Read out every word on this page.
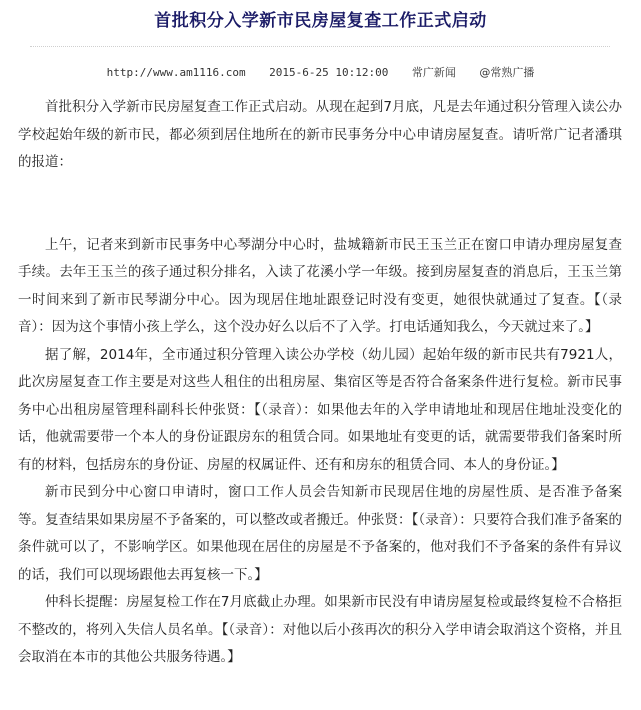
首批积分入学新市民房屋复查工作正式启动
http://www.am1116.com 2015-6-25 10:12:00 常广新闻 @常熟广播

首批积分入学新市民房屋复查工作正式启动。从现在起到7月底，凡是去年通过积分管理入读公办学校起始年级的新市民，都必须到居住地所在的新市民事务分中心申请房屋复查。请听常广记者潘琪的报道：

上午，记者来到新市民事务中心琴湖分中心时，盐城籍新市民王玉兰正在窗口申请办理房屋复查手续。去年王玉兰的孩子通过积分排名，入读了花溪小学一年级。接到房屋复查的消息后，王玉兰第一时间来到了新市民琴湖分中心。因为现居住地址跟登记时没有变更，她很快就通过了复查。【（录音）：因为这个事情小孩上学么，这个没办好么以后不了入学。打电话通知我么，今天就过来了。】

据了解，2014年，全市通过积分管理入读公办学校（幼儿园）起始年级的新市民共有7921人，此次房屋复查工作主要是对这些人租住的出租房屋、集宿区等是否符合备案条件进行复检。新市民事务中心出租房屋管理科副科长仲张贤：【（录音）：如果他去年的入学申请地址和现居住地址没变化的话，他就需要带一个本人的身份证跟房东的租赁合同。如果地址有变更的话，就需要带我们备案时所有的材料，包括房东的身份证、房屋的权属证件、还有和房东的租赁合同、本人的身份证。】

新市民到分中心窗口申请时，窗口工作人员会告知新市民现居住地的房屋性质、是否准予备案等。复查结果如果房屋不予备案的，可以整改或者搬迁。仲张贤：【（录音）：只要符合我们准予备案的条件就可以了，不影响学区。如果他现在居住的房屋是不予备案的，他对我们不予备案的条件有异议的话，我们可以现场跟他去再复核一下。】

仲科长提醒：房屋复检工作在7月底截止办理。如果新市民没有申请房屋复检或最终复检不合格拒不整改的，将列入失信人员名单。【（录音）：对他以后小孩再次的积分入学申请会取消这个资格，并且会取消在本市的其他公共服务待遇。】
